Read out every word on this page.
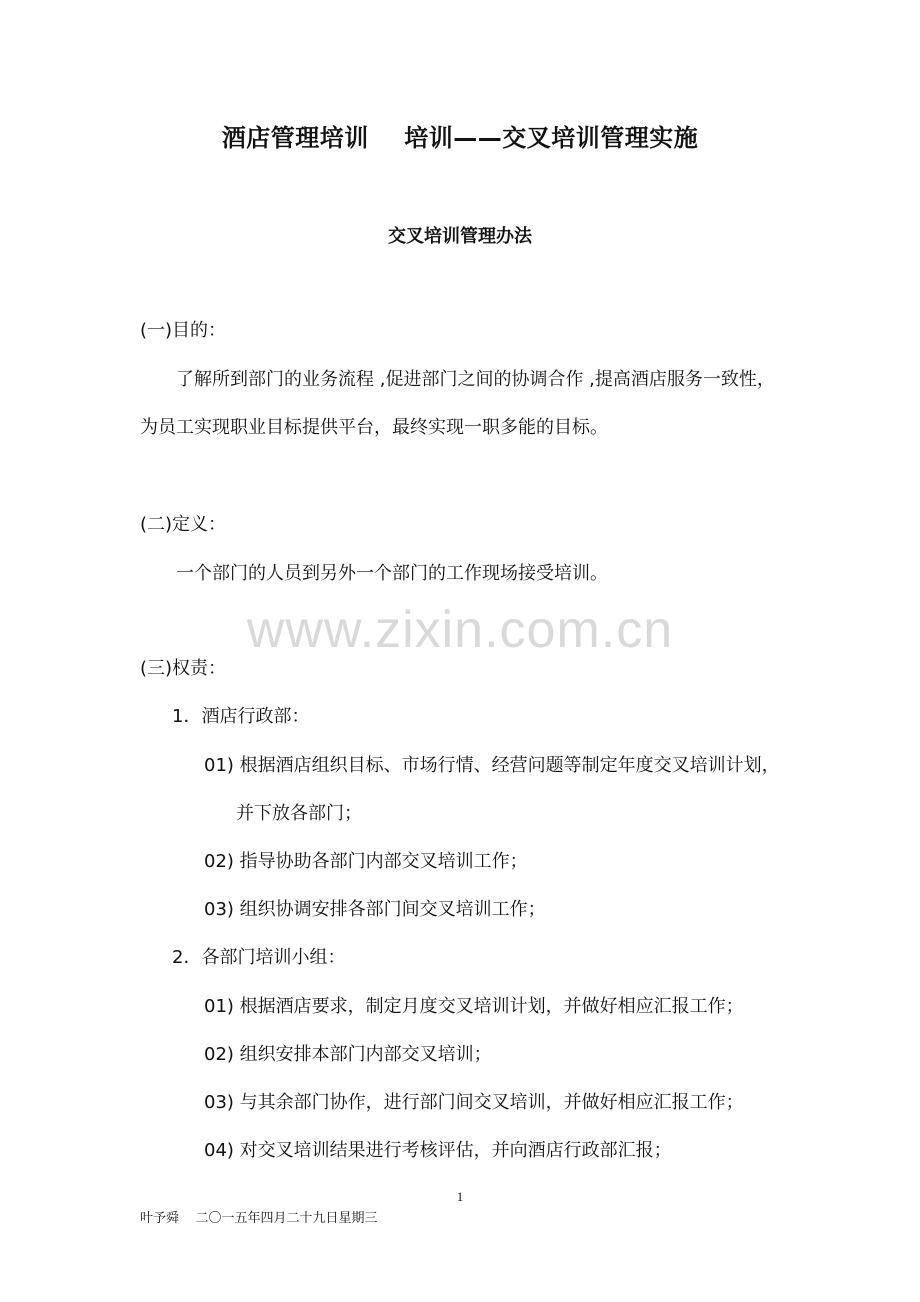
酒店管理培训    培训——交叉培训管理实施
交叉培训管理办法
(一)目的：
了解所到部门的业务流程 ,促进部门之间的协调合作 ,提高酒店服务一致性，
为员工实现职业目标提供平台，最终实现一职多能的目标。
(二)定义：
一个部门的人员到另外一个部门的工作现场接受培训。
www.zixin.com.cn
(三)权责：
1．酒店行政部：
01) 根据酒店组织目标、市场行情、经营问题等制定年度交叉培训计划，
并下放各部门；
02) 指导协助各部门内部交叉培训工作；
03) 组织协调安排各部门间交叉培训工作；
2．各部门培训小组：
01) 根据酒店要求，制定月度交叉培训计划，并做好相应汇报工作；
02) 组织安排本部门内部交叉培训；
03) 与其余部门协作，进行部门间交叉培训，并做好相应汇报工作；
04) 对交叉培训结果进行考核评估，并向酒店行政部汇报；
1
叶予舜    二〇一五年四月二十九日星期三
